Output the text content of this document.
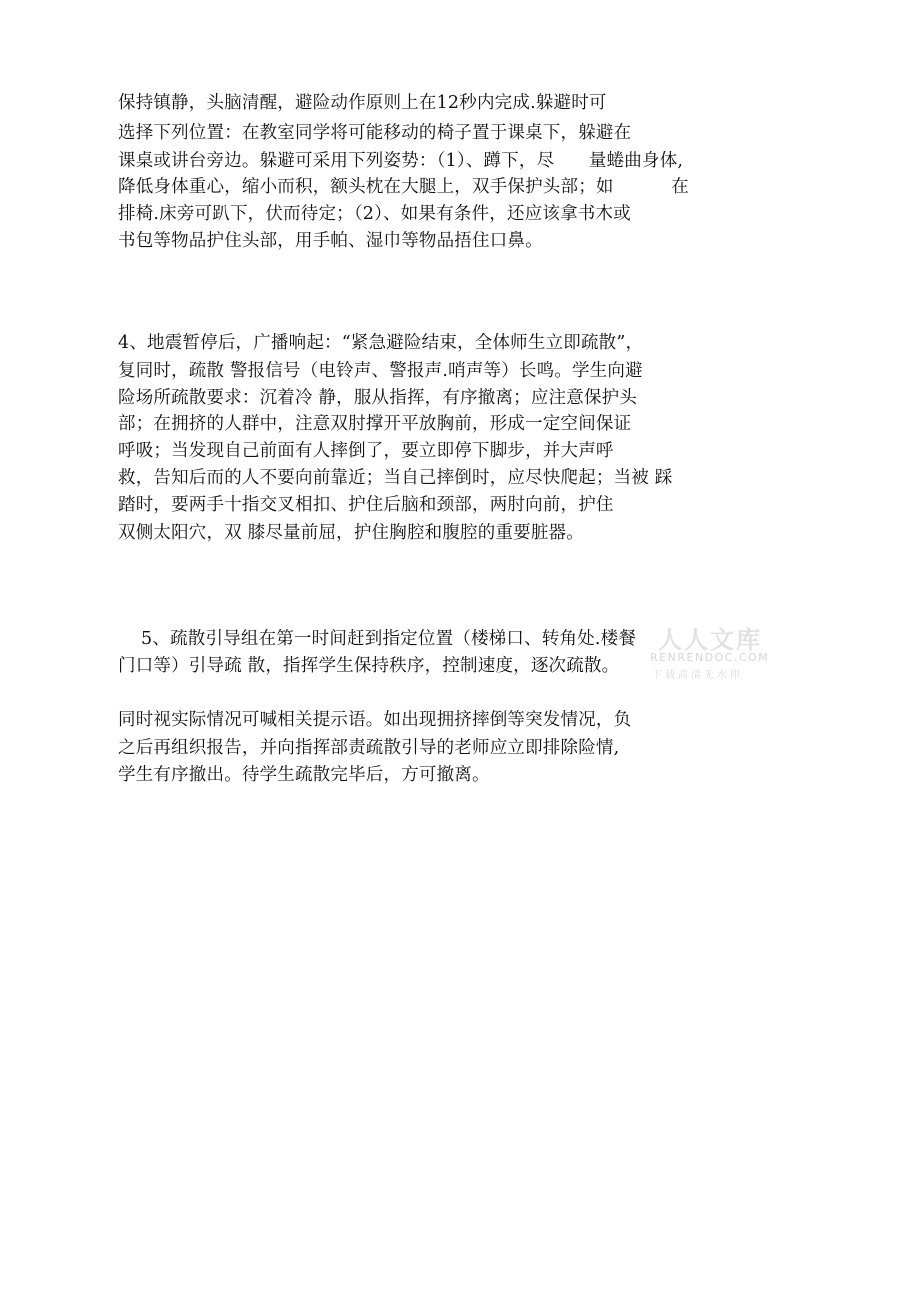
保持镇静，头脑清醒，避险动作原则上在12秒内完成.躲避时可
选择下列位置：在教室同学将可能移动的椅子置于课桌下，躲避在
课桌或讲台旁边。躲避可采用下列姿势：（1）、蹲下，尽      量蜷曲身体,
降低身体重心，缩小而积，额头枕在大腿上，双手保护头部；如          在
排椅.床旁可趴下，伏而待定；（2）、如果有条件，还应该拿书木或
书包等物品护住头部，用手帕、湿巾等物品捂住口鼻。
4、地震暂停后，广播响起：“紧急避险结束，全体师生立即疏散”，
复同时，疏散 警报信号（电铃声、警报声.哨声等）长鸣。学生向避
险场所疏散要求：沉着冷 静，服从指挥，有序撤离；应注意保护头
部；在拥挤的人群中，注意双肘撑开平放胸前，形成一定空间保证
呼吸；当发现自己前面有人摔倒了，要立即停下脚步，并大声呼
救，告知后而的人不要向前靠近；当自己摔倒时，应尽快爬起；当被 踩
踏时，要两手十指交叉相扣、护住后脑和颈部，两肘向前，护住
双侧太阳穴，双 膝尽量前屈，护住胸腔和腹腔的重要脏器。
5、疏散引导组在第一时间赶到指定位置（楼梯口、转角处.楼餐
门口等）引导疏 散，指挥学生保持秩序，控制速度，逐次疏散。
同时视实际情况可喊相关提示语。如出现拥挤摔倒等突发情况，负
之后再组织报告，并向指挥部责疏散引导的老师应立即排除险情,
学生有序撤出。待学生疏散完毕后，方可撤离。
人人文库
RENRENDOC.COM
下载高清无水印
